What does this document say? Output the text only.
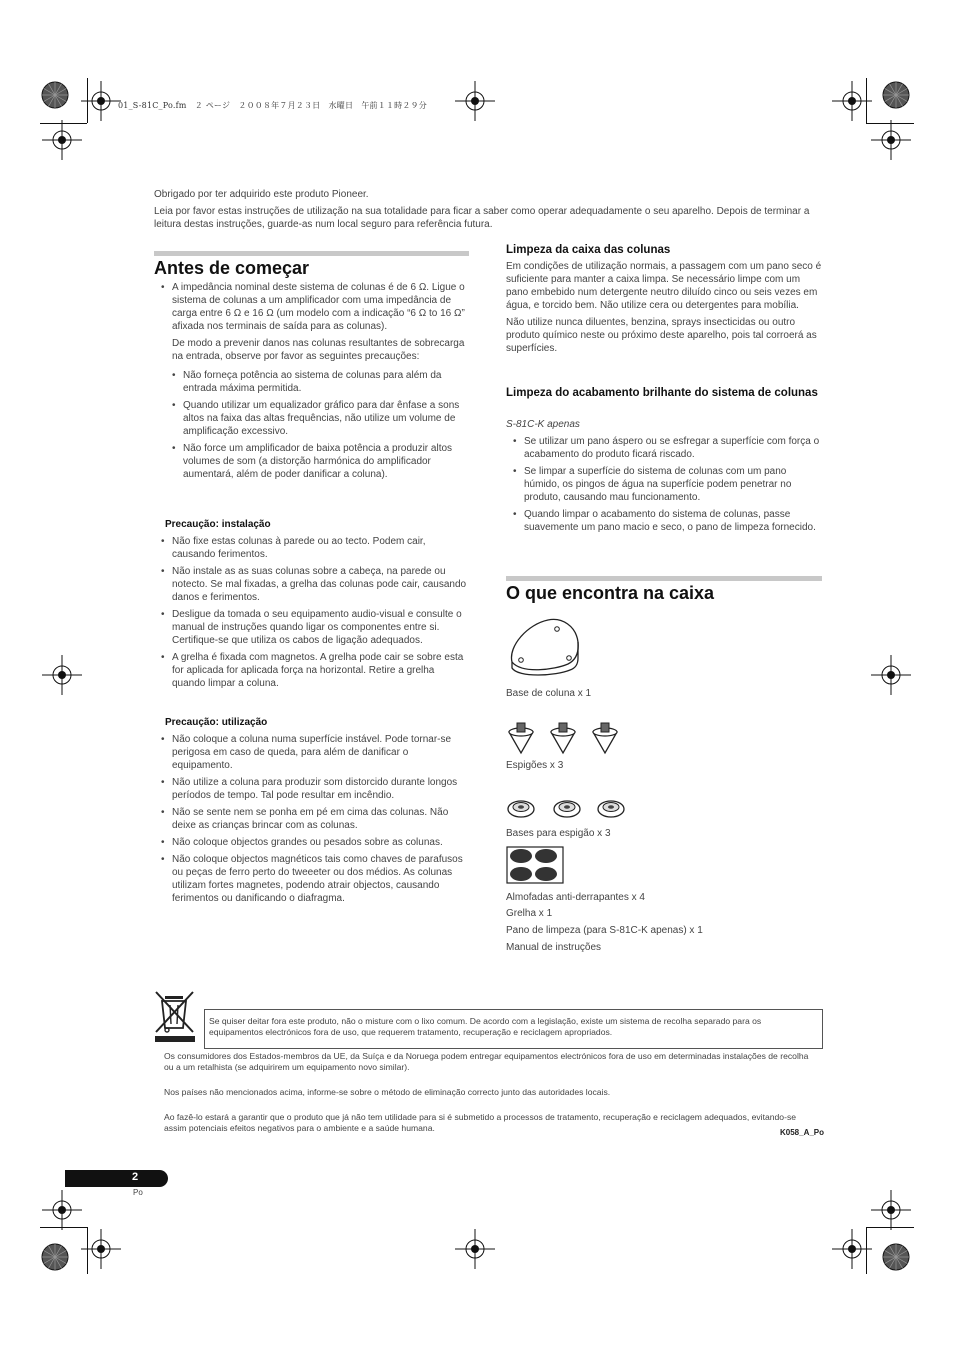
01_S-81C_Po.fm　２ ページ　２００８年７月２３日　水曜日　午前１１時２９分

Obrigado por ter adquirido este produto Pioneer.

Leia por favor estas instruções de utilização na sua totalidade para ficar a saber como operar adequadamente o seu aparelho. Depois de terminar a leitura destas instruções, guarde-as num local seguro para referência futura.

Antes de começar
• A impedância nominal deste sistema de colunas é de 6 Ω. Ligue o sistema de colunas a um amplificador com uma impedância de carga entre 6 Ω e 16 Ω (um modelo com a indicação “6 Ω to 16 Ω” afixada nos terminais de saída para as colunas).

De modo a prevenir danos nas colunas resultantes de sobrecarga na entrada, observe por favor as seguintes precauções:

• Não forneça potência ao sistema de colunas para além da entrada máxima permitida.
• Quando utilizar um equalizador gráfico para dar ênfase a sons altos na faixa das altas frequências, não utilize um volume de amplificação excessivo.
• Não force um amplificador de baixa potência a produzir altos volumes de som (a distorção harmónica do amplificador aumentará, além de poder danificar a coluna).
Precaução: instalação
• Não fixe estas colunas à parede ou ao tecto. Podem cair, causando ferimentos.
• Não instale as as suas colunas sobre a cabeça, na parede ou notecto. Se mal fixadas, a grelha das colunas pode cair, causando danos e ferimentos.
• Desligue da tomada o seu equipamento audio-visual e consulte o manual de instruções quando ligar os componentes entre si. Certifique-se que utiliza os cabos de ligação adequados.
• A grelha é fixada com magnetos. A grelha pode cair se sobre esta for aplicada for aplicada força na horizontal. Retire a grelha quando limpar a coluna.
Precaução: utilização
• Não coloque a coluna numa superfície instável. Pode tornar-se perigosa em caso de queda, para além de danificar o equipamento.
• Não utilize a coluna para produzir som distorcido durante longos períodos de tempo. Tal pode resultar em incêndio.
• Não se sente nem se ponha em pé em cima das colunas. Não deixe as crianças brincar com as colunas.
• Não coloque objectos grandes ou pesados sobre as colunas.
• Não coloque objectos magnéticos tais como chaves de parafusos ou peças de ferro perto do tweeeter ou dos médios. As colunas utilizam fortes magnetes, podendo atrair objectos, causando ferimentos ou danificando o diafragma.
Limpeza da caixa das colunas

Em condições de utilização normais, a passagem com um pano seco é suficiente para manter a caixa limpa. Se necessário limpe com um pano embebido num detergente neutro diluído cinco ou seis vezes em água, e torcido bem. Não utilize cera ou detergentes para mobília.

Não utilize nunca diluentes, benzina, sprays insecticidas ou outro produto químico neste ou próximo deste aparelho, pois tal corroerá as superfícies.

Limpeza do acabamento brilhante do sistema de colunas
S-81C-K apenas
• Se utilizar um pano áspero ou se esfregar a superfície com força o acabamento do produto ficará riscado.
• Se limpar a superfície do sistema de colunas com um pano húmido, os pingos de água na superfície podem penetrar no produto, causando mau funcionamento.
• Quando limpar o acabamento do sistema de colunas, passe suavemente um pano macio e seco, o pano de limpeza fornecido.
O que encontra na caixa
Base de coluna x 1
Espigões x 3
Bases para espigão x 3
Almofadas anti-derrapantes x 4
Grelha x 1
Pano de limpeza (para S-81C-K apenas) x 1
Manual de instruções
Se quiser deitar fora este produto, não o misture com o lixo comum. De acordo com a legislação, existe um sistema de recolha separado para os equipamentos electrónicos fora de uso, que requerem tratamento, recuperação e reciclagem apropriados.
Os consumidores dos Estados-membros da UE, da Suíça e da Noruega podem entregar equipamentos electrónicos fora de uso em determinadas instalações de recolha ou a um retalhista (se adquirirem um equipamento novo similar).
Nos países não mencionados acima, informe-se sobre o método de eliminação correcto junto das autoridades locais.
Ao fazê-lo estará a garantir que o produto que já não tem utilidade para si é submetido a processos de tratamento, recuperação e reciclagem adequados, evitando-se assim potenciais efeitos negativos para o ambiente e a saúde humana.	K058_A_Po
2
Po
